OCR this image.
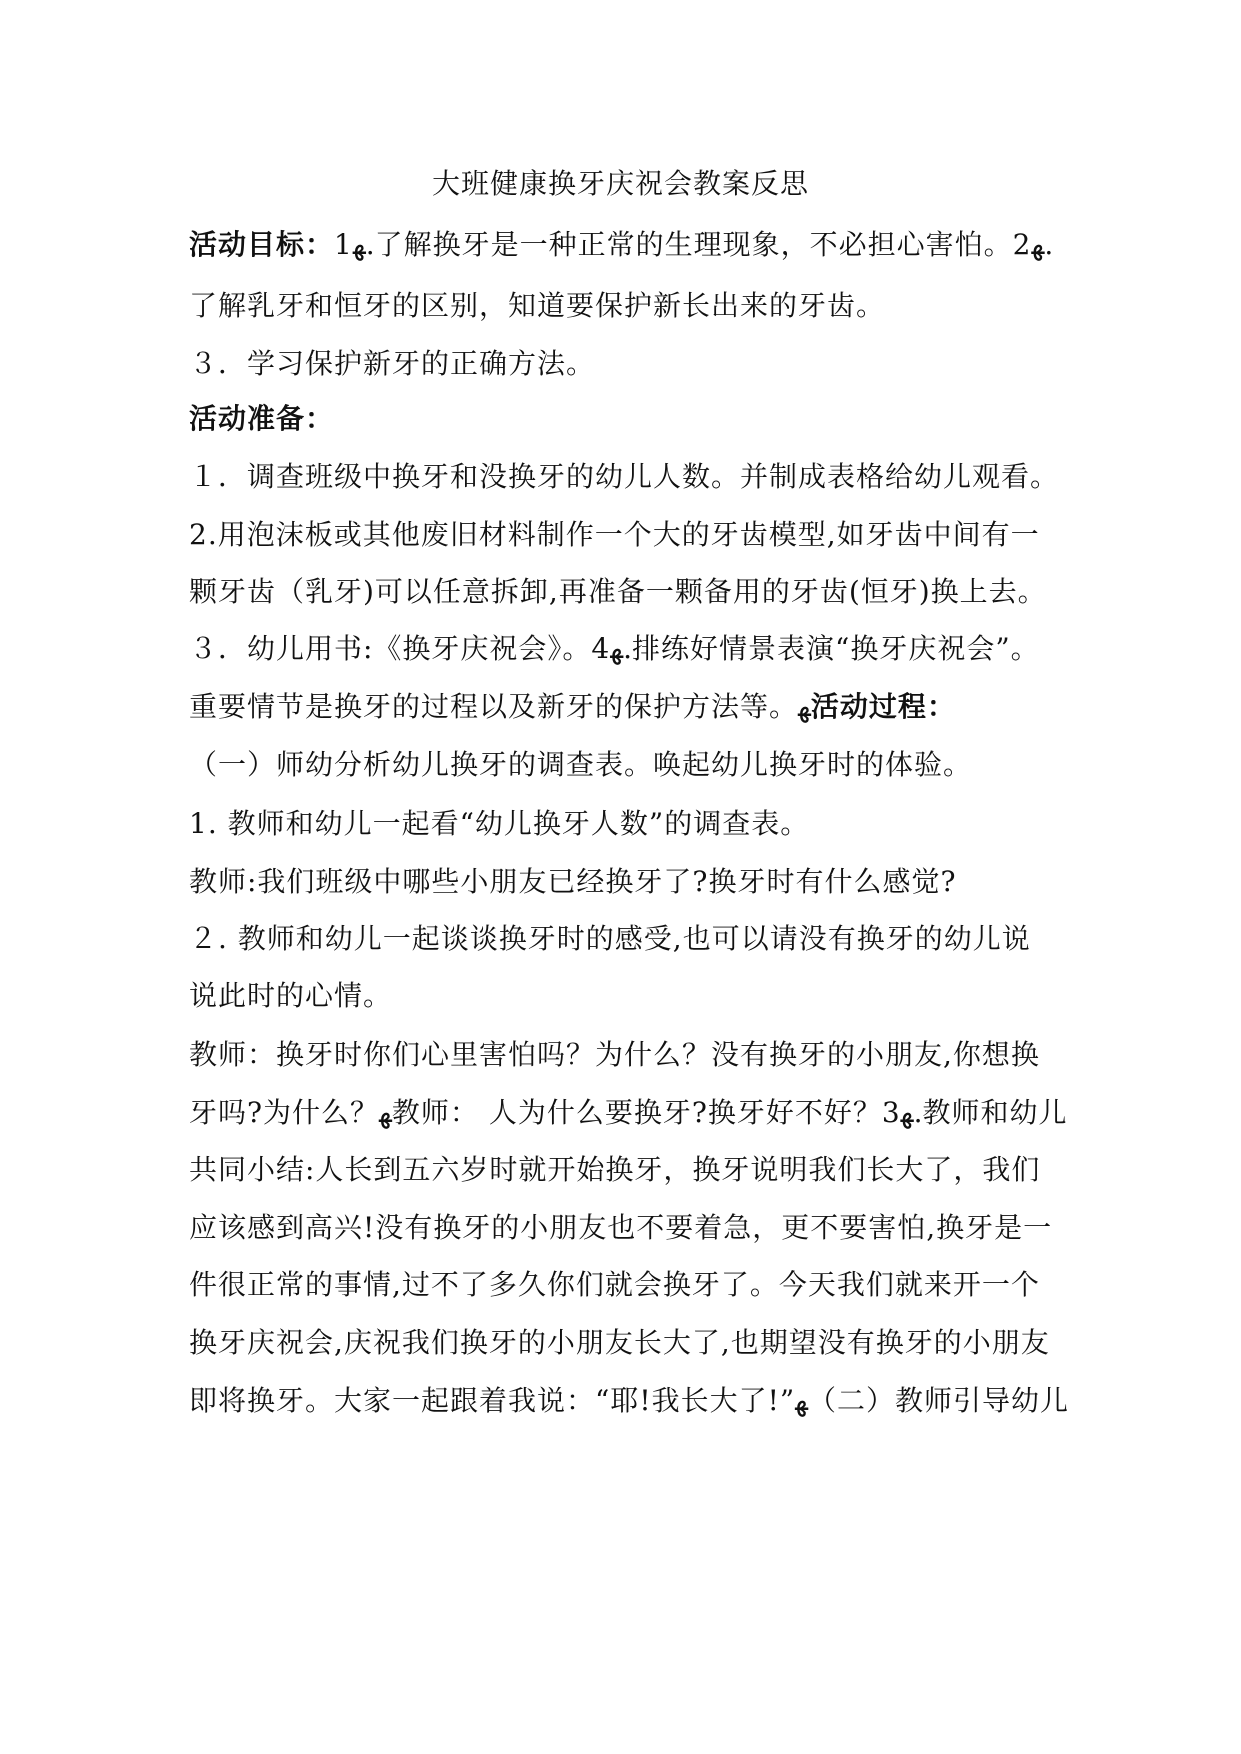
大班健康换牙庆祝会教案反思
活动目标：1ﻬ.了解换牙是一种正常的生理现象，不必担心害怕。2ﻬ.
了解乳牙和恒牙的区别，知道要保护新长出来的牙齿。
３．学习保护新牙的正确方法。
活动准备：
１．调查班级中换牙和没换牙的幼儿人数。并制成表格给幼儿观看。
2.用泡沫板或其他废旧材料制作一个大的牙齿模型,如牙齿中间有一
颗牙齿（乳牙)可以任意拆卸,再准备一颗备用的牙齿(恒牙)换上去。
３．幼儿用书:《换牙庆祝会》。4ﻬ.排练好情景表演“换牙庆祝会”。
重要情节是换牙的过程以及新牙的保护方法等。ﻬ活动过程：
（一）师幼分析幼儿换牙的调查表。唤起幼儿换牙时的体验。
1. 教师和幼儿一起看“幼儿换牙人数”的调查表。
教师:我们班级中哪些小朋友已经换牙了?换牙时有什么感觉?
２. 教师和幼儿一起谈谈换牙时的感受,也可以请没有换牙的幼儿说
说此时的心情。
教师：换牙时你们心里害怕吗？为什么？没有换牙的小朋友,你想换
牙吗?为什么？ﻬ教师： 人为什么要换牙?换牙好不好？3ﻬ.教师和幼儿
共同小结:人长到五六岁时就开始换牙，换牙说明我们长大了，我们
应该感到高兴!没有换牙的小朋友也不要着急，更不要害怕,换牙是一
件很正常的事情,过不了多久你们就会换牙了。今天我们就来开一个
换牙庆祝会,庆祝我们换牙的小朋友长大了,也期望没有换牙的小朋友
即将换牙。大家一起跟着我说：“耶!我长大了!”ﻬ（二）教师引导幼儿
